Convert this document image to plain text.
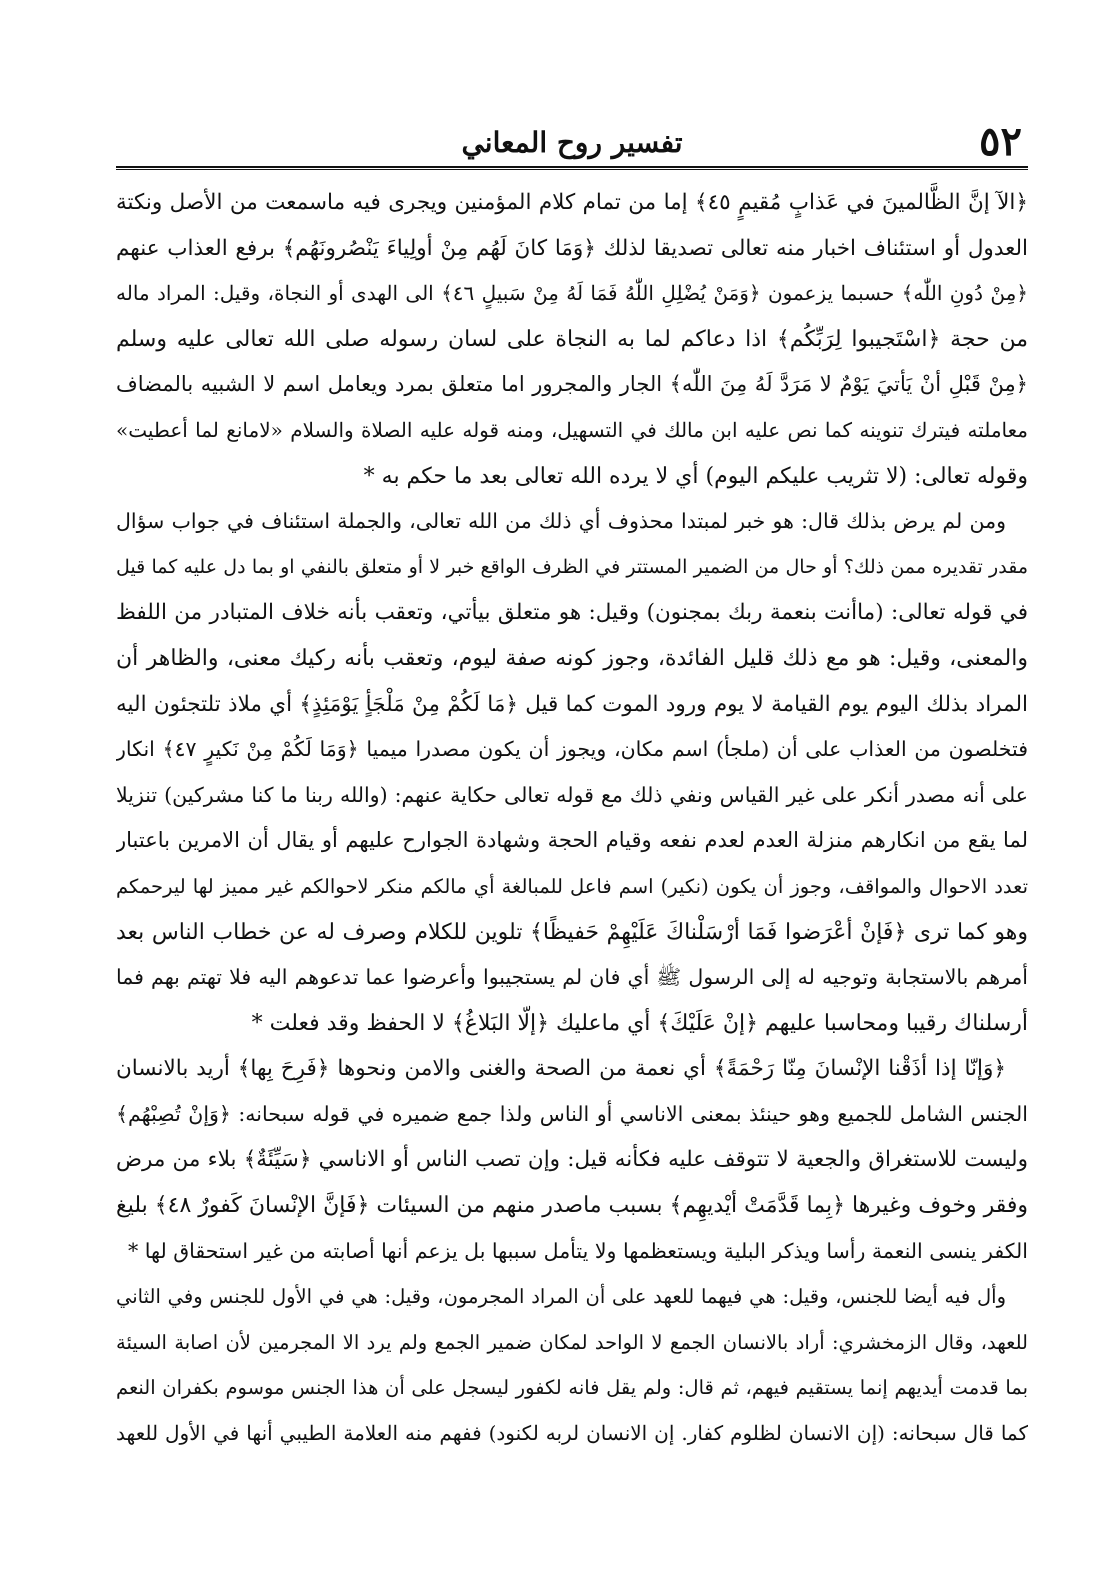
٥٢
تفسير روح المعاني
﴿الآ إنَّ الظَّالمينَ في عَذابٍ مُقيمٍ ٤٥﴾ إما من تمام كلام المؤمنين ويجرى فيه ماسمعت من الأصل ونكتة
العدول أو استئناف اخبار منه تعالى تصديقا لذلك ﴿وَمَا كانَ لَهُم مِنْ أولِياءَ يَنْصُرونَهُم﴾ برفع العذاب عنهم
﴿مِنْ دُونِ اللّٰه﴾ حسبما يزعمون ﴿وَمَنْ يُضْلِلِ اللّٰهُ فَمَا لَهُ مِنْ سَبيلٍ ٤٦﴾ الى الهدى أو النجاة، وقيل: المراد ماله
من حجة ﴿اسْتَجيبوا لِرَبِّكُم﴾ اذا دعاكم لما به النجاة على لسان رسوله صلى الله تعالى عليه وسلم
﴿مِنْ قَبْلِ أنْ يَأتيَ يَوْمٌ لا مَرَدَّ لَهُ مِنَ اللّٰه﴾ الجار والمجرور اما متعلق بمرد ويعامل اسم لا الشبيه بالمضاف
معاملته فيترك تنوينه كما نص عليه ابن مالك في التسهيل، ومنه قوله عليه الصلاة والسلام «لامانع لما أعطيت»
وقوله تعالى: (لا تثريب عليكم اليوم) أي لا يرده الله تعالى بعد ما حكم به *
ومن لم يرض بذلك قال: هو خبر لمبتدا محذوف أي ذلك من الله تعالى، والجملة استئناف في جواب سؤال
مقدر تقديره ممن ذلك؟ أو حال من الضمير المستتر في الظرف الواقع خبر لا أو متعلق بالنفي او بما دل عليه كما قيل
في قوله تعالى: (ماأنت بنعمة ربك بمجنون) وقيل: هو متعلق بيأتي، وتعقب بأنه خلاف المتبادر من اللفظ
والمعنى، وقيل: هو مع ذلك قليل الفائدة، وجوز كونه صفة ليوم، وتعقب بأنه ركيك معنى، والظاهر أن
المراد بذلك اليوم يوم القيامة لا يوم ورود الموت كما قيل ﴿مَا لَكُمْ مِنْ مَلْجَأٍ يَوْمَئِذٍ﴾ أي ملاذ تلتجئون اليه
فتخلصون من العذاب على أن (ملجأ) اسم مكان، ويجوز أن يكون مصدرا ميميا ﴿وَمَا لَكُمْ مِنْ نَكيرٍ ٤٧﴾ انكار
على أنه مصدر أنكر على غير القياس ونفي ذلك مع قوله تعالى حكاية عنهم: (والله ربنا ما كنا مشركين) تنزيلا
لما يقع من انكارهم منزلة العدم لعدم نفعه وقيام الحجة وشهادة الجوارح عليهم أو يقال أن الامرين باعتبار
تعدد الاحوال والمواقف، وجوز أن يكون (نكير) اسم فاعل للمبالغة أي مالكم منكر لاحوالكم غير مميز لها ليرحمكم
وهو كما ترى ﴿فَإنْ أعْرَضوا فَمَا أرْسَلْناكَ عَلَيْهِمْ حَفيظًا﴾ تلوين للكلام وصرف له عن خطاب الناس بعد
أمرهم بالاستجابة وتوجيه له إلى الرسول ﷺ أي فان لم يستجيبوا وأعرضوا عما تدعوهم اليه فلا تهتم بهم فما
أرسلناك رقيبا ومحاسبا عليهم ﴿إنْ عَلَيْكَ﴾ أي ماعليك ﴿إلّا البَلاغُ﴾ لا الحفظ وقد فعلت *
﴿وَإنّا إذا أذَقْنا الإنْسانَ مِنّا رَحْمَةً﴾ أي نعمة من الصحة والغنى والامن ونحوها ﴿فَرِحَ بِها﴾ أريد بالانسان
الجنس الشامل للجميع وهو حينئذ بمعنى الاناسي أو الناس ولذا جمع ضميره في قوله سبحانه: ﴿وَإنْ تُصِبْهُم﴾
وليست للاستغراق والجعية لا تتوقف عليه فكأنه قيل: وإن تصب الناس أو الاناسي ﴿سَيِّئَةٌ﴾ بلاء من مرض
وفقر وخوف وغيرها ﴿بِما قَدَّمَتْ أيْديهِم﴾ بسبب ماصدر منهم من السيئات ﴿فَإنَّ الإنْسانَ كَفورٌ ٤٨﴾ بليغ
الكفر ينسى النعمة رأسا ويذكر البلية ويستعظمها ولا يتأمل سببها بل يزعم أنها أصابته من غير استحقاق لها *
وأل فيه أيضا للجنس، وقيل: هي فيهما للعهد على أن المراد المجرمون، وقيل: هي في الأول للجنس وفي الثاني
للعهد، وقال الزمخشري: أراد بالانسان الجمع لا الواحد لمكان ضمير الجمع ولم يرد الا المجرمين لأن اصابة السيئة
بما قدمت أيديهم إنما يستقيم فيهم، ثم قال: ولم يقل فانه لكفور ليسجل على أن هذا الجنس موسوم بكفران النعم
كما قال سبحانه: (إن الانسان لظلوم كفار. إن الانسان لربه لكنود) ففهم منه العلامة الطيبي أنها في الأول للعهد
